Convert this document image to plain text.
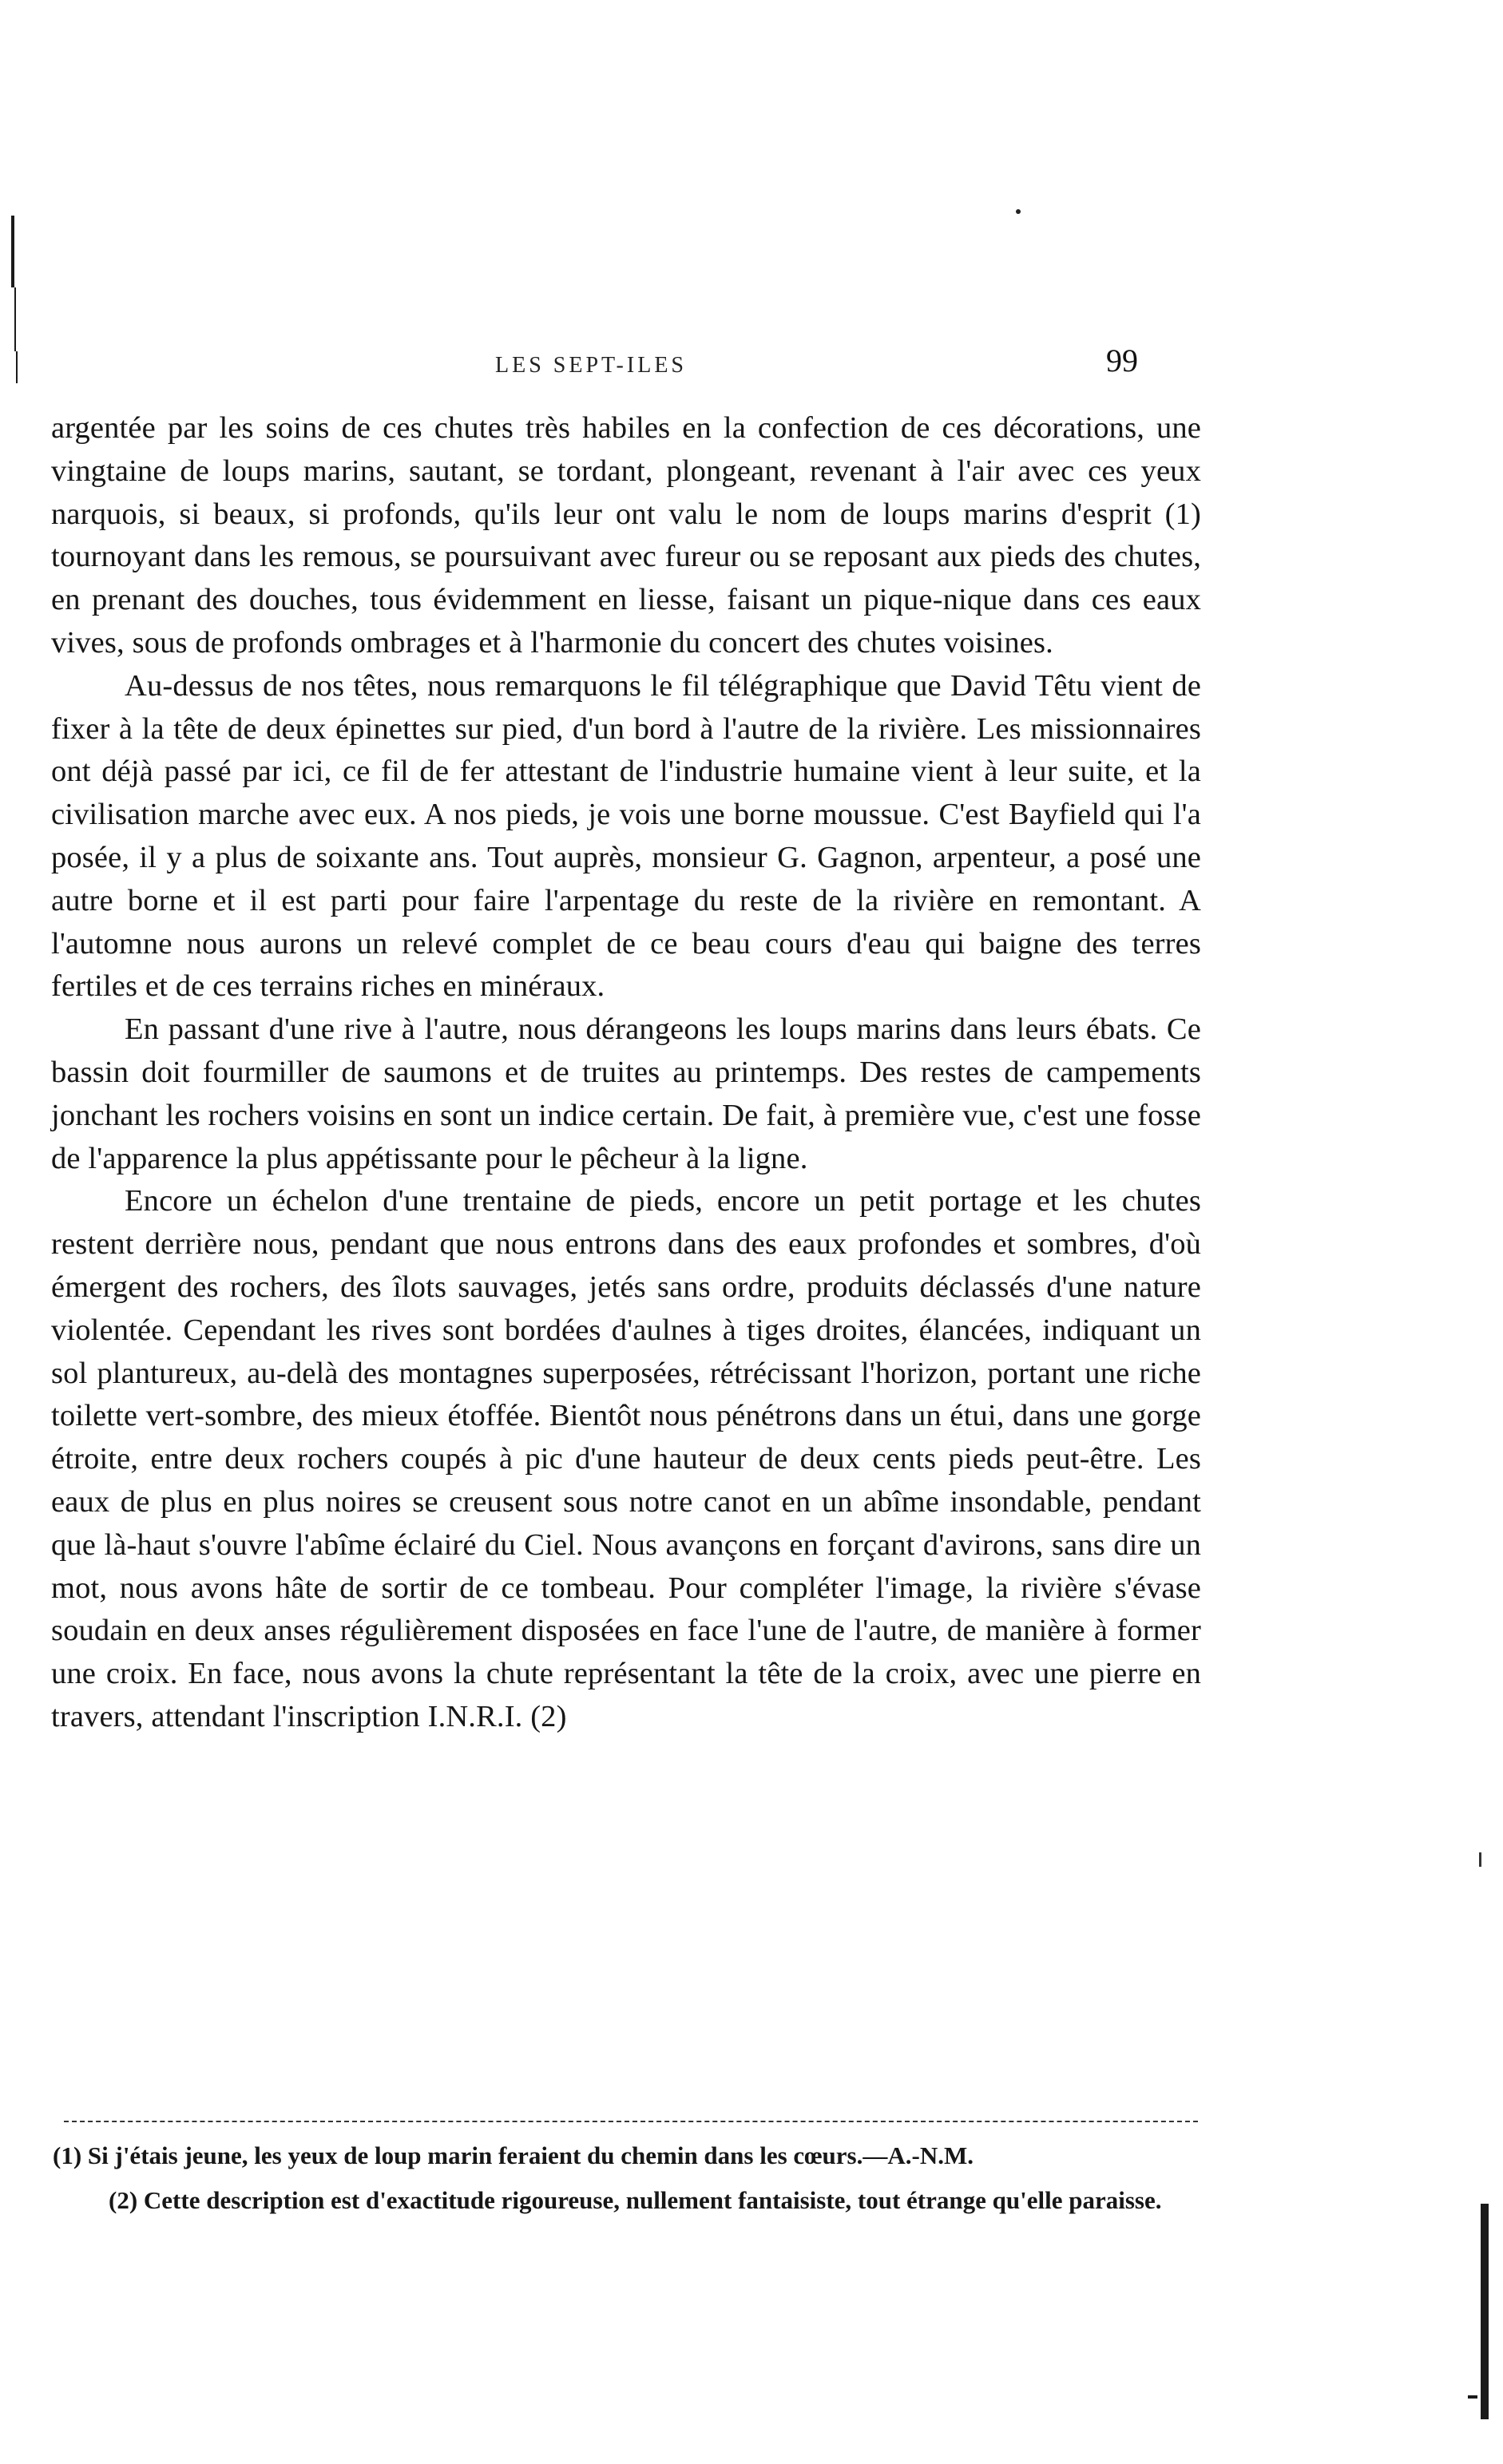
LES SEPT-ILES	99

argentée par les soins de ces chutes très habiles en la confection de ces décorations, une vingtaine de loups marins, sautant, se tordant, plongeant, revenant à l'air avec ces yeux narquois, si beaux, si profonds, qu'ils leur ont valu le nom de loups marins d'esprit (1) tournoyant dans les remous, se poursuivant avec fureur ou se reposant aux pieds des chutes, en prenant des douches, tous évidemment en liesse, faisant un pique-nique dans ces eaux vives, sous de profonds ombrages et à l'harmonie du concert des chutes voisines.

Au-dessus de nos têtes, nous remarquons le fil télégraphique que David Têtu vient de fixer à la tête de deux épinettes sur pied, d'un bord à l'autre de la rivière. Les missionnaires ont déjà passé par ici, ce fil de fer attestant de l'industrie humaine vient à leur suite, et la civilisation marche avec eux. A nos pieds, je vois une borne moussue. C'est Bayfield qui l'a posée, il y a plus de soixante ans. Tout auprès, monsieur G. Gagnon, arpenteur, a posé une autre borne et il est parti pour faire l'arpentage du reste de la rivière en remontant. A l'automne nous aurons un relevé complet de ce beau cours d'eau qui baigne des terres fertiles et de ces terrains riches en minéraux.

En passant d'une rive à l'autre, nous dérangeons les loups marins dans leurs ébats. Ce bassin doit fourmiller de saumons et de truites au printemps. Des restes de campements jonchant les rochers voisins en sont un indice certain. De fait, à première vue, c'est une fosse de l'apparence la plus appétissante pour le pêcheur à la ligne.

Encore un échelon d'une trentaine de pieds, encore un petit portage et les chutes restent derrière nous, pendant que nous entrons dans des eaux profondes et sombres, d'où émergent des rochers, des îlots sauvages, jetés sans ordre, produits déclassés d'une nature violentée. Cependant les rives sont bordées d'aulnes à tiges droites, élancées, indiquant un sol plantureux, au-delà des montagnes superposées, rétrécissant l'horizon, portant une riche toilette vert-sombre, des mieux étoffée. Bientôt nous pénétrons dans un étui, dans une gorge étroite, entre deux rochers coupés à pic d'une hauteur de deux cents pieds peut-être. Les eaux de plus en plus noires se creusent sous notre canot en un abîme insondable, pendant que là-haut s'ouvre l'abîme éclairé du Ciel. Nous avançons en forçant d'avirons, sans dire un mot, nous avons hâte de sortir de ce tombeau. Pour compléter l'image, la rivière s'évase soudain en deux anses régulièrement disposées en face l'une de l'autre, de manière à former une croix. En face, nous avons la chute représentant la tête de la croix, avec une pierre en travers, attendant l'inscription I.N.R.I. (2)

(1) Si j'étais jeune, les yeux de loup marin feraient du chemin dans les cœurs.—A.-N.M.

(2) Cette description est d'exactitude rigoureuse, nullement fantaisiste, tout étrange qu'elle paraisse.
